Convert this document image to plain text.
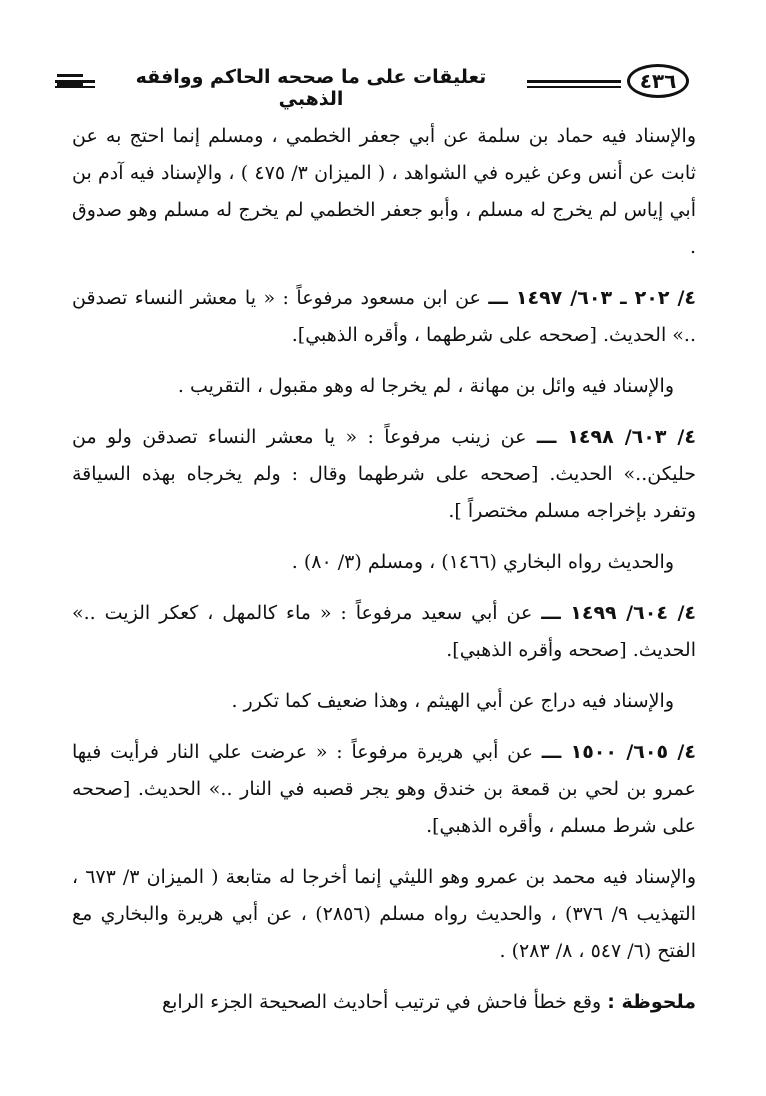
تعليقات على ما صححه الحاكم ووافقه الذهبي
٤٣٦

والإسناد فيه حماد بن سلمة عن أبي جعفر الخطمي ، ومسلم إنما احتج به عن ثابت عن أنس وعن غيره في الشواهد ، ( الميزان ٣/ ٤٧٥ ) ، والإسناد فيه آدم بن أبي إياس لم يخرج له مسلم ، وأبو جعفر الخطمي لم يخرج له مسلم وهو صدوق .

٤/ ٢٠٢ ـ ٦٠٣/ ١٤٩٧ ـــ عن ابن مسعود مرفوعاً : « يا معشر النساء تصدقن ..» الحديث. [صححه على شرطهما ، وأقره الذهبي].

والإسناد فيه وائل بن مهانة ، لم يخرجا له وهو مقبول ، التقريب .

٤/ ٦٠٣/ ١٤٩٨ ـــ عن زينب مرفوعاً : « يا معشر النساء تصدقن ولو من حليكن..» الحديث. [صححه على شرطهما وقال : ولم يخرجاه بهذه السياقة وتفرد بإخراجه مسلم مختصراً ].

والحديث رواه البخاري (١٤٦٦) ، ومسلم (٣/ ٨٠) .

٤/ ٦٠٤/ ١٤٩٩ ـــ عن أبي سعيد مرفوعاً : « ماء كالمهل ، كعكر الزيت ..» الحديث. [صححه وأقره الذهبي].

والإسناد فيه دراج عن أبي الهيثم ، وهذا ضعيف كما تكرر .

٤/ ٦٠٥/ ١٥٠٠ ـــ عن أبي هريرة مرفوعاً : « عرضت علي النار فرأيت فيها عمرو بن لحي بن قمعة بن خندق وهو يجر قصبه في النار ..» الحديث. [صححه على شرط مسلم ، وأقره الذهبي].

والإسناد فيه محمد بن عمرو وهو الليثي إنما أخرجا له متابعة ( الميزان ٣/ ٦٧٣ ، التهذيب ٩/ ٣٧٦) ، والحديث رواه مسلم (٢٨٥٦) ، عن أبي هريرة والبخاري مع الفتح (٦/ ٥٤٧ ، ٨/ ٢٨٣) .

ملحوظة : وقع خطأ فاحش في ترتيب أحاديث الصحيحة الجزء الرابع
